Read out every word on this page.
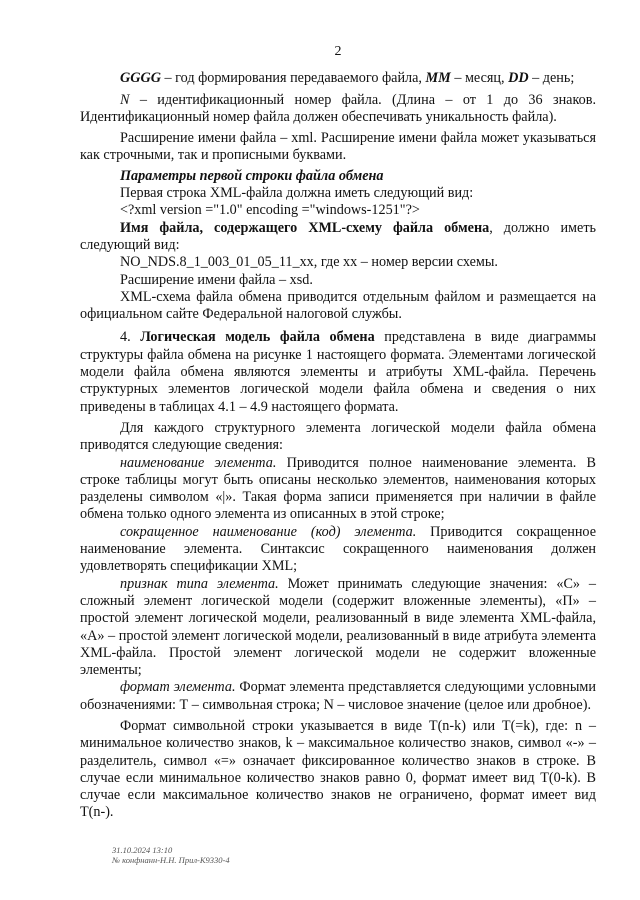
2

GGGG – год формирования передаваемого файла, MM – месяц, DD – день;

N – идентификационный номер файла. (Длина – от 1 до 36 знаков. Идентификационный номер файла должен обеспечивать уникальность файла).

Расширение имени файла – xml. Расширение имени файла может указываться как строчными, так и прописными буквами.

Параметры первой строки файла обмена

Первая строка XML-файла должна иметь следующий вид:

<?xml version ="1.0" encoding ="windows-1251"?>

Имя файла, содержащего XML-схему файла обмена, должно иметь следующий вид:

NO_NDS.8_1_003_01_05_11_xx, где хх – номер версии схемы.

Расширение имени файла – xsd.

XML-схема файла обмена приводится отдельным файлом и размещается на официальном сайте Федеральной налоговой службы.

4. Логическая модель файла обмена представлена в виде диаграммы структуры файла обмена на рисунке 1 настоящего формата. Элементами логической модели файла обмена являются элементы и атрибуты XML-файла. Перечень структурных элементов логической модели файла обмена и сведения о них приведены в таблицах 4.1 – 4.9 настоящего формата.

Для каждого структурного элемента логической модели файла обмена приводятся следующие сведения:

наименование элемента. Приводится полное наименование элемента. В строке таблицы могут быть описаны несколько элементов, наименования которых разделены символом «|». Такая форма записи применяется при наличии в файле обмена только одного элемента из описанных в этой строке;

сокращенное наименование (код) элемента. Приводится сокращенное наименование элемента. Синтаксис сокращенного наименования должен удовлетворять спецификации XML;

признак типа элемента. Может принимать следующие значения: «С» – сложный элемент логической модели (содержит вложенные элементы), «П» – простой элемент логической модели, реализованный в виде элемента XML-файла, «А» – простой элемент логической модели, реализованный в виде атрибута элемента XML-файла. Простой элемент логической модели не содержит вложенные элементы;

формат элемента. Формат элемента представляется следующими условными обозначениями: Т – символьная строка; N – числовое значение (целое или дробное).

Формат символьной строки указывается в виде Т(n-k) или Т(=k), где: n – минимальное количество знаков, k – максимальное количество знаков, символ «-» – разделитель, символ «=» означает фиксированное количество знаков в строке. В случае если минимальное количество знаков равно 0, формат имеет вид Т(0-k). В случае если максимальное количество знаков не ограничено, формат имеет вид Т(n-).

31.10.2024 13:10
№ конфнанн-Н.Н. Прил-К9330-4
